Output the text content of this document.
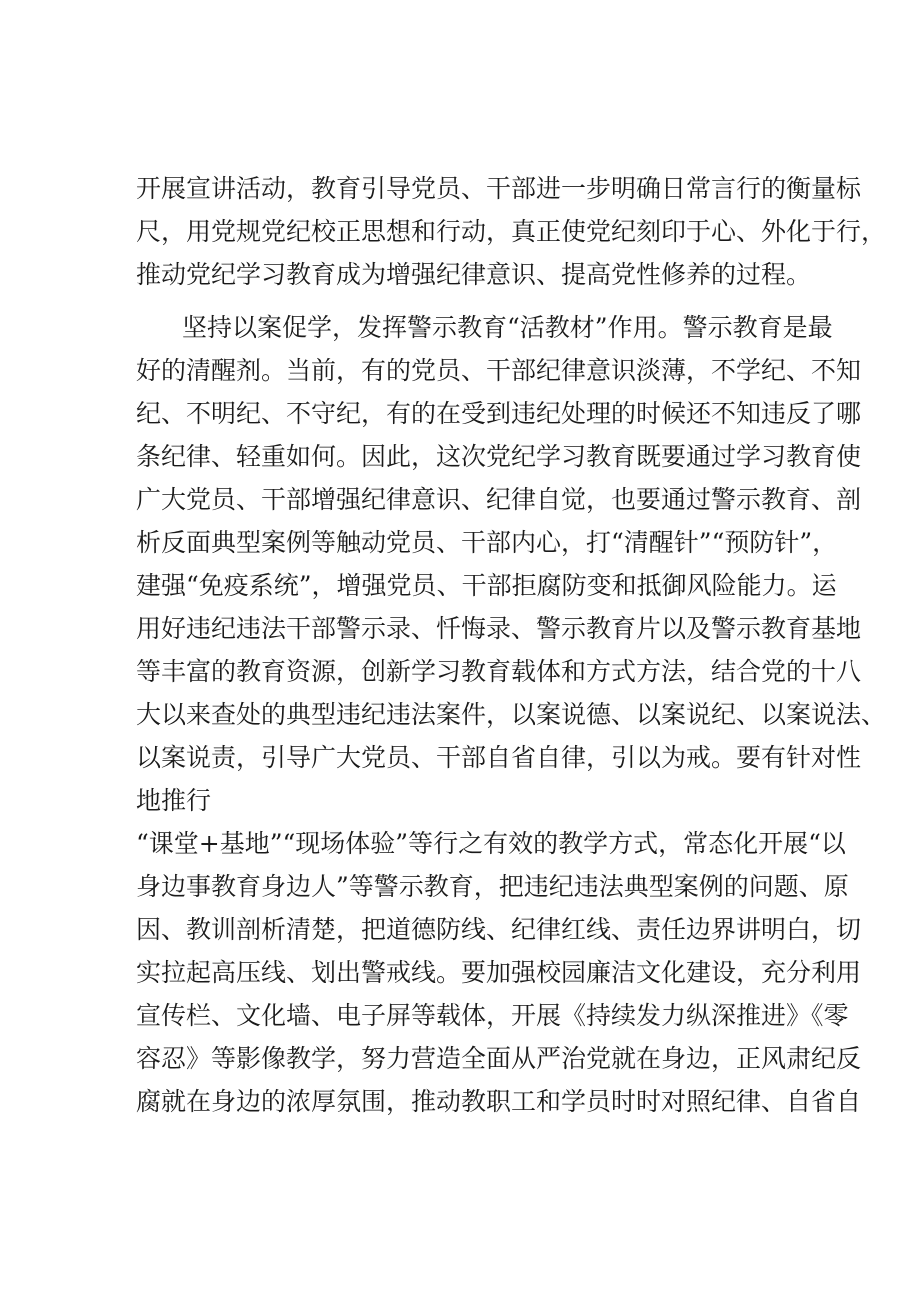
开展宣讲活动，教育引导党员、干部进一步明确日常言行的衡量标

尺，用党规党纪校正思想和行动，真正使党纪刻印于心、外化于行，

推动党纪学习教育成为增强纪律意识、提高党性修养的过程。

坚持以案促学，发挥警示教育“活教材”作用。警示教育是最

好的清醒剂。当前，有的党员、干部纪律意识淡薄，不学纪、不知

纪、不明纪、不守纪，有的在受到违纪处理的时候还不知违反了哪

条纪律、轻重如何。因此，这次党纪学习教育既要通过学习教育使

广大党员、干部增强纪律意识、纪律自觉，也要通过警示教育、剖

析反面典型案例等触动党员、干部内心，打“清醒针”“预防针”，

建强“免疫系统”，增强党员、干部拒腐防变和抵御风险能力。运

用好违纪违法干部警示录、忏悔录、警示教育片以及警示教育基地

等丰富的教育资源，创新学习教育载体和方式方法，结合党的十八

大以来查处的典型违纪违法案件，以案说德、以案说纪、以案说法、

以案说责，引导广大党员、干部自省自律，引以为戒。要有针对性

地推行

“课堂+基地”“现场体验”等行之有效的教学方式，常态化开展“以

身边事教育身边人”等警示教育，把违纪违法典型案例的问题、原

因、教训剖析清楚，把道德防线、纪律红线、责任边界讲明白，切

实拉起高压线、划出警戒线。要加强校园廉洁文化建设，充分利用

宣传栏、文化墙、电子屏等载体，开展《持续发力纵深推进》《零

容忍》等影像教学，努力营造全面从严治党就在身边，正风肃纪反

腐就在身边的浓厚氛围，推动教职工和学员时时对照纪律、自省自
